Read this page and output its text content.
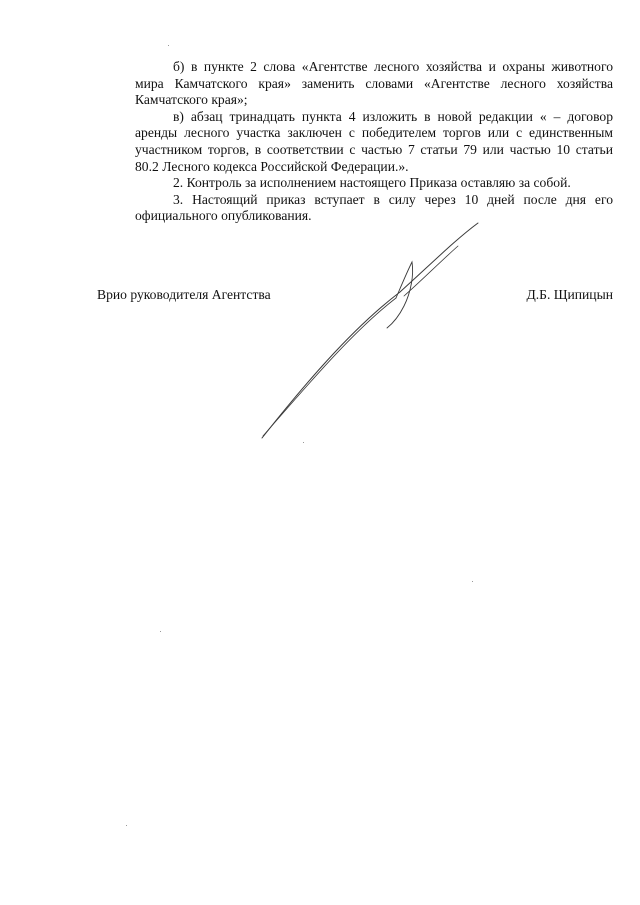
б) в пункте 2 слова «Агентстве лесного хозяйства и охраны животного
мира Камчатского края» заменить словами «Агентстве лесного хозяйства
Камчатского края»;

в) абзац тринадцать пункта 4 изложить в новой редакции « – договор
аренды лесного участка заключен с победителем торгов или с единственным
участником торгов, в соответствии с частью 7 статьи 79 или частью 10 статьи
80.2 Лесного кодекса Российской Федерации.».

2. Контроль за исполнением настоящего Приказа оставляю за собой.

3. Настоящий приказ вступает в силу через 10 дней после дня его
официального опубликования.

Врио руководителя Агентства	Д.Б. Щипицын
